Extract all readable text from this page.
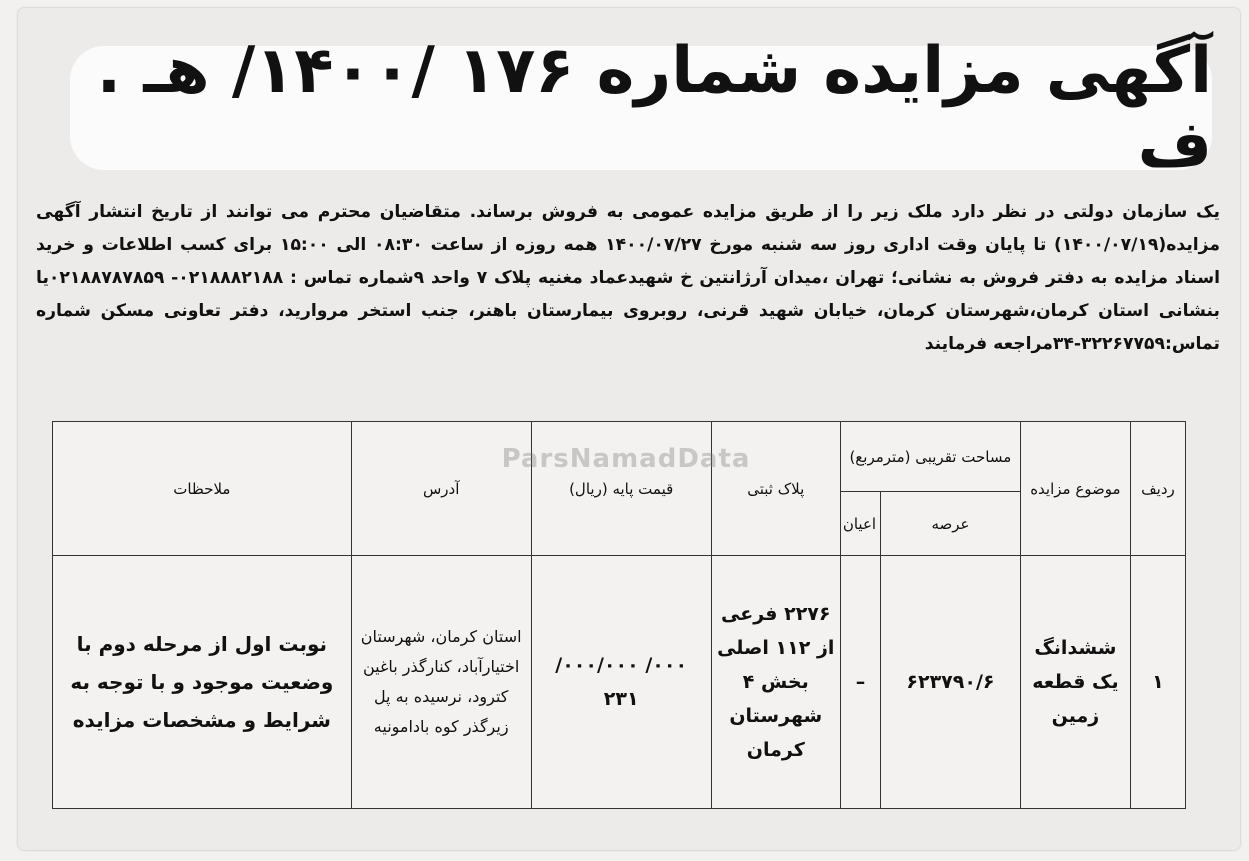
آگهی مزایده شماره ۱۷۶ /۱۴۰۰/ هـ . ف
یک سازمان دولتی در نظر دارد ملک زیر را از طریق مزایده عمومی به فروش برساند. متقاضیان محترم می توانند از تاریخ انتشار آگهی مزایده(۱۴۰۰/۰۷/۱۹) تا پایان وقت اداری روز سه شنبه مورخ ۱۴۰۰/۰۷/۲۷ همه روزه از ساعت ۰۸:۳۰ الی ۱۵:۰۰ برای کسب اطلاعات و خرید اسناد مزایده به دفتر فروش به نشانی؛ تهران ،میدان آرژانتین خ شهیدعماد مغنیه پلاک ۷ واحد ۹شماره تماس : ۰۲۱۸۸۸۲۱۸۸- ۰۲۱۸۸۷۸۷۸۵۹یا بنشانی استان کرمان،شهرستان کرمان، خیابان شهید قرنی، روبروی بیمارستان باهنر، جنب استخر مروارید، دفتر تعاونی مسکن شماره تماس:۳۲۲۶۷۷۵۹-۳۴مراجعه فرمایند
ردیف	موضوع مزایده	مساحت تقریبی (مترمربع)		پلاک ثبتی	قیمت پایه (ریال)	آدرس	ملاحظات
		عرصه	اعیان				
۱	ششدانگ یک قطعه زمین	۶۲۳۷۹۰/۶	–	۲۲۷۶ فرعی از ۱۱۲ اصلی بخش ۴ شهرستان کرمان	۰۰۰/ ۰۰۰/۰۰۰/ ۲۳۱	استان کرمان، شهرستان اختیارآباد، کنارگذر باغین کترود، نرسیده به پل زیرگذر کوه بادامونیه	نوبت اول از مرحله دوم با وضعیت موجود و با توجه به شرایط و مشخصات مزایده
ParsNamadData
